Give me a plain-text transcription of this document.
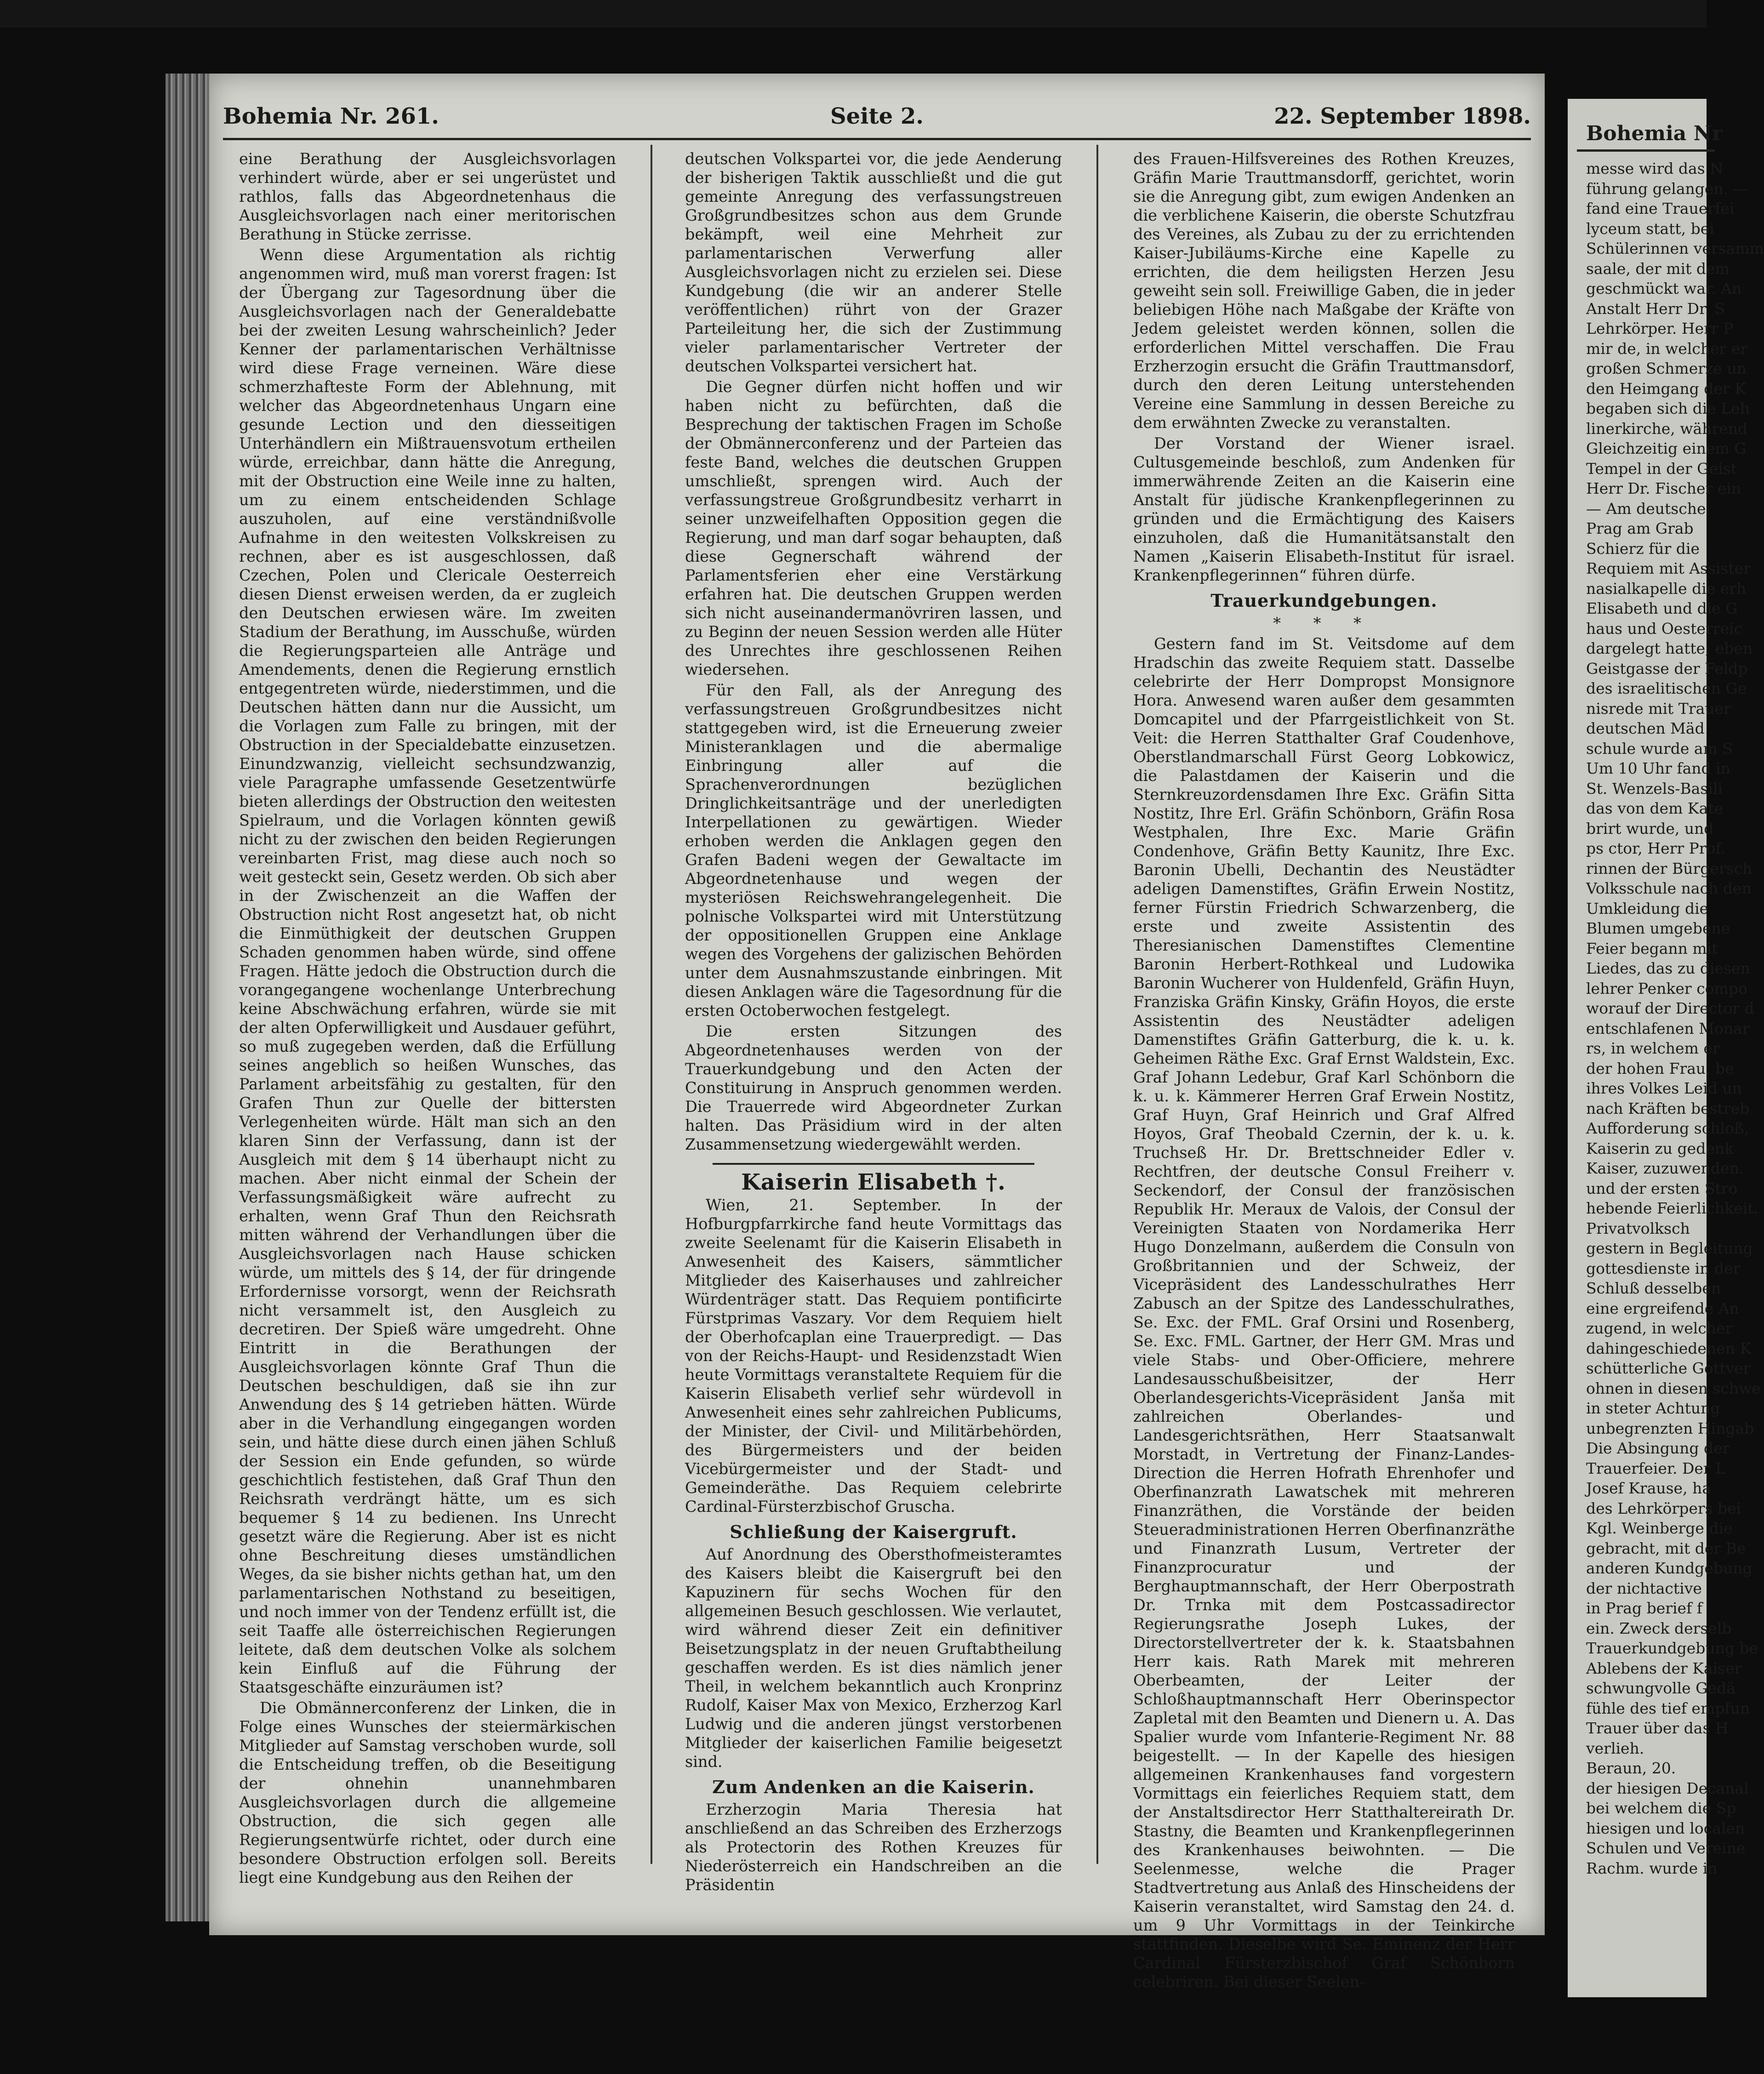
Bohemia Nr. 261.	Seite 2.	22. September 1898.

eine Berathung der Ausgleichsvorlagen verhindert würde, aber er sei ungerüstet und rathlos, falls das Abgeordnetenhaus die Ausgleichsvorlagen nach einer meritorischen Berathung in Stücke zerrisse.

Wenn diese Argumentation als richtig angenommen wird, muß man vorerst fragen: Ist der Übergang zur Tagesordnung über die Ausgleichsvorlagen nach der Generaldebatte bei der zweiten Lesung wahrscheinlich? Jeder Kenner der parlamentarischen Verhältnisse wird diese Frage verneinen. Wäre diese schmerzhafteste Form der Ablehnung, mit welcher das Abgeordnetenhaus Ungarn eine gesunde Lection und den diesseitigen Unterhändlern ein Mißtrauensvotum ertheilen würde, erreichbar, dann hätte die Anregung, mit der Obstruction eine Weile inne zu halten, um zu einem entscheidenden Schlage auszuholen, auf eine verständnißvolle Aufnahme in den weitesten Volkskreisen zu rechnen, aber es ist ausgeschlossen, daß Czechen, Polen und Clericale Oesterreich diesen Dienst erweisen werden, da er zugleich den Deutschen erwiesen wäre. Im zweiten Stadium der Berathung, im Ausschuße, würden die Regierungsparteien alle Anträge und Amendements, denen die Regierung ernstlich entgegentreten würde, niederstimmen, und die Deutschen hätten dann nur die Aussicht, um die Vorlagen zum Falle zu bringen, mit der Obstruction in der Specialdebatte einzusetzen. Einundzwanzig, vielleicht sechsundzwanzig, viele Paragraphe umfassende Gesetzentwürfe bieten allerdings der Obstruction den weitesten Spielraum, und die Vorlagen könnten gewiß nicht zu der zwischen den beiden Regierungen vereinbarten Frist, mag diese auch noch so weit gesteckt sein, Gesetz werden. Ob sich aber in der Zwischenzeit an die Waffen der Obstruction nicht Rost angesetzt hat, ob nicht die Einmüthigkeit der deutschen Gruppen Schaden genommen haben würde, sind offene Fragen. Hätte jedoch die Obstruction durch die vorangegangene wochenlange Unterbrechung keine Abschwächung erfahren, würde sie mit der alten Opferwilligkeit und Ausdauer geführt, so muß zugegeben werden, daß die Erfüllung seines angeblich so heißen Wunsches, das Parlament arbeitsfähig zu gestalten, für den Grafen Thun zur Quelle der bittersten Verlegenheiten würde. Hält man sich an den klaren Sinn der Verfassung, dann ist der Ausgleich mit dem § 14 überhaupt nicht zu machen. Aber nicht einmal der Schein der Verfassungsmäßigkeit wäre aufrecht zu erhalten, wenn Graf Thun den Reichsrath mitten während der Verhandlungen über die Ausgleichsvorlagen nach Hause schicken würde, um mittels des § 14, der für dringende Erfordernisse vorsorgt, wenn der Reichsrath nicht versammelt ist, den Ausgleich zu decretiren. Der Spieß wäre umgedreht. Ohne Eintritt in die Berathungen der Ausgleichsvorlagen könnte Graf Thun die Deutschen beschuldigen, daß sie ihn zur Anwendung des § 14 getrieben hätten. Würde aber in die Verhandlung eingegangen worden sein, und hätte diese durch einen jähen Schluß der Session ein Ende gefunden, so würde geschichtlich festistehen, daß Graf Thun den Reichsrath verdrängt hätte, um es sich bequemer § 14 zu bedienen. Ins Unrecht gesetzt wäre die Regierung. Aber ist es nicht ohne Beschreitung dieses umständlichen Weges, da sie bisher nichts gethan hat, um den parlamentarischen Nothstand zu beseitigen, und noch immer von der Tendenz erfüllt ist, die seit Taaffe alle österreichischen Regierungen leitete, daß dem deutschen Volke als solchem kein Einfluß auf die Führung der Staatsgeschäfte einzuräumen ist?

Die Obmännerconferenz der Linken, die in Folge eines Wunsches der steiermärkischen Mitglieder auf Samstag verschoben wurde, soll die Entscheidung treffen, ob die Beseitigung der ohnehin unannehmbaren Ausgleichsvorlagen durch die allgemeine Obstruction, die sich gegen alle Regierungsentwürfe richtet, oder durch eine besondere Obstruction erfolgen soll. Bereits liegt eine Kundgebung aus den Reihen der

deutschen Volkspartei vor, die jede Aenderung der bisherigen Taktik ausschließt und die gut gemeinte Anregung des verfassungstreuen Großgrundbesitzes schon aus dem Grunde bekämpft, weil eine Mehrheit zur parlamentarischen Verwerfung aller Ausgleichsvorlagen nicht zu erzielen sei. Diese Kundgebung (die wir an anderer Stelle veröffentlichen) rührt von der Grazer Parteileitung her, die sich der Zustimmung vieler parlamentarischer Vertreter der deutschen Volkspartei versichert hat.

Die Gegner dürfen nicht hoffen und wir haben nicht zu befürchten, daß die Besprechung der taktischen Fragen im Schoße der Obmännerconferenz und der Parteien das feste Band, welches die deutschen Gruppen umschließt, sprengen wird. Auch der verfassungstreue Großgrundbesitz verharrt in seiner unzweifelhaften Opposition gegen die Regierung, und man darf sogar behaupten, daß diese Gegnerschaft während der Parlamentsferien eher eine Verstärkung erfahren hat. Die deutschen Gruppen werden sich nicht auseinandermanövriren lassen, und zu Beginn der neuen Session werden alle Hüter des Unrechtes ihre geschlossenen Reihen wiedersehen.

Für den Fall, als der Anregung des verfassungstreuen Großgrundbesitzes nicht stattgegeben wird, ist die Erneuerung zweier Ministeranklagen und die abermalige Einbringung aller auf die Sprachenverordnungen bezüglichen Dringlichkeitsanträge und der unerledigten Interpellationen zu gewärtigen. Wieder erhoben werden die Anklagen gegen den Grafen Badeni wegen der Gewaltacte im Abgeordnetenhause und wegen der mysteriösen Reichswehrangelegenheit. Die polnische Volkspartei wird mit Unterstützung der oppositionellen Gruppen eine Anklage wegen des Vorgehens der galizischen Behörden unter dem Ausnahmszustande einbringen. Mit diesen Anklagen wäre die Tagesordnung für die ersten Octoberwochen festgelegt.

Die ersten Sitzungen des Abgeordnetenhauses werden von der Trauerkundgebung und den Acten der Constituirung in Anspruch genommen werden. Die Trauerrede wird Abgeordneter Zurkan halten. Das Präsidium wird in der alten Zusammensetzung wiedergewählt werden.

Kaiserin Elisabeth †.

Wien, 21. September. In der Hofburgpfarrkirche fand heute Vormittags das zweite Seelenamt für die Kaiserin Elisabeth in Anwesenheit des Kaisers, sämmtlicher Mitglieder des Kaiserhauses und zahlreicher Würdenträger statt. Das Requiem pontificirte Fürstprimas Vaszary. Vor dem Requiem hielt der Oberhofcaplan eine Trauerpredigt. — Das von der Reichs-Haupt- und Residenzstadt Wien heute Vormittags veranstaltete Requiem für die Kaiserin Elisabeth verlief sehr würdevoll in Anwesenheit eines sehr zahlreichen Publicums, der Minister, der Civil- und Militärbehörden, des Bürgermeisters und der beiden Vicebürgermeister und der Stadt- und Gemeinderäthe. Das Requiem celebrirte Cardinal-Fürsterzbischof Gruscha.

Schließung der Kaisergruft.

Auf Anordnung des Obersthofmeisteramtes des Kaisers bleibt die Kaisergruft bei den Kapuzinern für sechs Wochen für den allgemeinen Besuch geschlossen. Wie verlautet, wird während dieser Zeit ein definitiver Beisetzungsplatz in der neuen Gruftabtheilung geschaffen werden. Es ist dies nämlich jener Theil, in welchem bekanntlich auch Kronprinz Rudolf, Kaiser Max von Mexico, Erzherzog Karl Ludwig und die anderen jüngst verstorbenen Mitglieder der kaiserlichen Familie beigesetzt sind.

Zum Andenken an die Kaiserin.

Erzherzogin Maria Theresia hat anschließend an das Schreiben des Erzherzogs als Protectorin des Rothen Kreuzes für Niederösterreich ein Handschreiben an die Präsidentin

des Frauen-Hilfsvereines des Rothen Kreuzes, Gräfin Marie Trauttmansdorff, gerichtet, worin sie die Anregung gibt, zum ewigen Andenken an die verblichene Kaiserin, die oberste Schutzfrau des Vereines, als Zubau zu der zu errichtenden Kaiser-Jubiläums-Kirche eine Kapelle zu errichten, die dem heiligsten Herzen Jesu geweiht sein soll. Freiwillige Gaben, die in jeder beliebigen Höhe nach Maßgabe der Kräfte von Jedem geleistet werden können, sollen die erforderlichen Mittel verschaffen. Die Frau Erzherzogin ersucht die Gräfin Trauttmansdorf, durch den deren Leitung unterstehenden Vereine eine Sammlung in dessen Bereiche zu dem erwähnten Zwecke zu veranstalten.

Der Vorstand der Wiener israel. Cultusgemeinde beschloß, zum Andenken für immerwährende Zeiten an die Kaiserin eine Anstalt für jüdische Krankenpflegerinnen zu gründen und die Ermächtigung des Kaisers einzuholen, daß die Humanitätsanstalt den Namen „Kaiserin Elisabeth-Institut für israel. Krankenpflegerinnen“ führen dürfe.

Trauerkundgebungen.
* * *

Gestern fand im St. Veitsdome auf dem Hradschin das zweite Requiem statt. Dasselbe celebrirte der Herr Dompropst Monsignore Hora. Anwesend waren außer dem gesammten Domcapitel und der Pfarrgeistlichkeit von St. Veit: die Herren Statthalter Graf Coudenhove, Oberstlandmarschall Fürst Georg Lobkowicz, die Palastdamen der Kaiserin und die Sternkreuzordensdamen Ihre Exc. Gräfin Sitta Nostitz, Ihre Erl. Gräfin Schönborn, Gräfin Rosa Westphalen, Ihre Exc. Marie Gräfin Condenhove, Gräfin Betty Kaunitz, Ihre Exc. Baronin Ubelli, Dechantin des Neustädter adeligen Damenstiftes, Gräfin Erwein Nostitz, ferner Fürstin Friedrich Schwarzenberg, die erste und zweite Assistentin des Theresianischen Damenstiftes Clementine Baronin Herbert-Rothkeal und Ludowika Baronin Wucherer von Huldenfeld, Gräfin Huyn, Franziska Gräfin Kinsky, Gräfin Hoyos, die erste Assistentin des Neustädter adeligen Damenstiftes Gräfin Gatterburg, die k. u. k. Geheimen Räthe Exc. Graf Ernst Waldstein, Exc. Graf Johann Ledebur, Graf Karl Schönborn die k. u. k. Kämmerer Herren Graf Erwein Nostitz, Graf Huyn, Graf Heinrich und Graf Alfred Hoyos, Graf Theobald Czernin, der k. u. k. Truchseß Hr. Dr. Brettschneider Edler v. Rechtfren, der deutsche Consul Freiherr v. Seckendorf, der Consul der französischen Republik Hr. Meraux de Valois, der Consul der Vereinigten Staaten von Nordamerika Herr Hugo Donzelmann, außerdem die Consuln von Großbritannien und der Schweiz, der Vicepräsident des Landesschulrathes Herr Zabusch an der Spitze des Landesschulrathes, Se. Exc. der FML. Graf Orsini und Rosenberg, Se. Exc. FML. Gartner, der Herr GM. Mras und viele Stabs- und Ober-Officiere, mehrere Landesausschußbeisitzer, der Herr Oberlandesgerichts-Vicepräsident Janša mit zahlreichen Oberlandes- und Landesgerichtsräthen, Herr Staatsanwalt Morstadt, in Vertretung der Finanz-Landes-Direction die Herren Hofrath Ehrenhofer und Oberfinanzrath Lawatschek mit mehreren Finanzräthen, die Vorstände der beiden Steueradministrationen Herren Oberfinanzräthe und Finanzrath Lusum, Vertreter der Finanzprocuratur und der Berghauptmannschaft, der Herr Oberpostrath Dr. Trnka mit dem Postcassadirector Regierungsrathe Joseph Lukes, der Directorstellvertreter der k. k. Staatsbahnen Herr kais. Rath Marek mit mehreren Oberbeamten, der Leiter der Schloßhauptmannschaft Herr Oberinspector Zapletal mit den Beamten und Dienern u. A. Das Spalier wurde vom Infanterie-Regiment Nr. 88 beigestellt. — In der Kapelle des hiesigen allgemeinen Krankenhauses fand vorgestern Vormittags ein feierliches Requiem statt, dem der Anstaltsdirector Herr Statthaltereirath Dr. Stastny, die Beamten und Krankenpflegerinnen des Krankenhauses beiwohnten. — Die Seelenmesse, welche die Prager Stadtvertretung aus Anlaß des Hinscheidens der Kaiserin veranstaltet, wird Samstag den 24. d. um 9 Uhr Vormittags in der Teinkirche stattfinden. Dieselbe wird Se. Eminenz der Herr Cardinal Fürsterzbischof Graf Schönborn celebriren. Bei dieser Seelen-

Bohemia Nr
messe wird das N
führung gelangen. —
fand eine Trauerfei
lyceum statt, bei
Schülerinnen versamm
saale, der mit dem
geschmückt war. An
Anstalt Herr Dr. S
Lehrkörper. Herr P
mir de, in welcher er
großen Schmerze un
den Heimgang der K
begaben sich die Leh
linerkirche, während
Gleichzeitig einem G
Tempel in der Geist
Herr Dr. Fischer ein
— Am deutsche
Prag am Grab
Schierz für die
Requiem mit Assister
nasialkapelle die erh
Elisabeth und die G
haus und Oesterreic
dargelegt hatte; eben
Geistgasse der Feldp
des israelitischen Ge
nisrede mit Trauer
deutschen Mäd
schule wurde am S
Um 10 Uhr fand in
St. Wenzels-Basili
das von dem Kate
brirt wurde, und
ps ctor, Herr Prof.
rinnen der Bürgersch
Volksschule nach den
Umkleidung die
Blumen umgebene
Feier begann mit
Liedes, das zu diesen
lehrer Penker compo
worauf der Director d
entschlafenen Monar
rs, in welchem er
der hohen Frau, be
ihres Volkes Leid un
nach Kräften bestreb
Aufforderung schloß,
Kaiserin zu gedenk
Kaiser, zuzuwenden.
und der ersten Stro
hebende Feierlichkeit.
Privatvolksch
gestern in Begleitung
gottesdienste in der
Schluß desselben
eine ergreifende An
zugend, in welcher
dahingeschiedenen K
schütterliche Gottver
ohnen in diesen schwe
in steter Achtung
unbegrenzten Hingab
Die Absingung der
Trauerfeier. Der L
Josef Krause, ha
des Lehrkörpers bei
Kgl. Weinberge die
gebracht, mit der Be
anderen Kundgebung
der nichtactive
in Prag berief f
ein. Zweck derselb
Trauerkundgebung be
Ablebens der Kaiser
schwungvolle Gedä
fühle des tief empfun
Trauer über das H
verlieh.
Beraun, 20.
der hiesigen Decanal
bei welchem die Sp
hiesigen und localen
Schulen und Vereine
Rachm. wurde in
